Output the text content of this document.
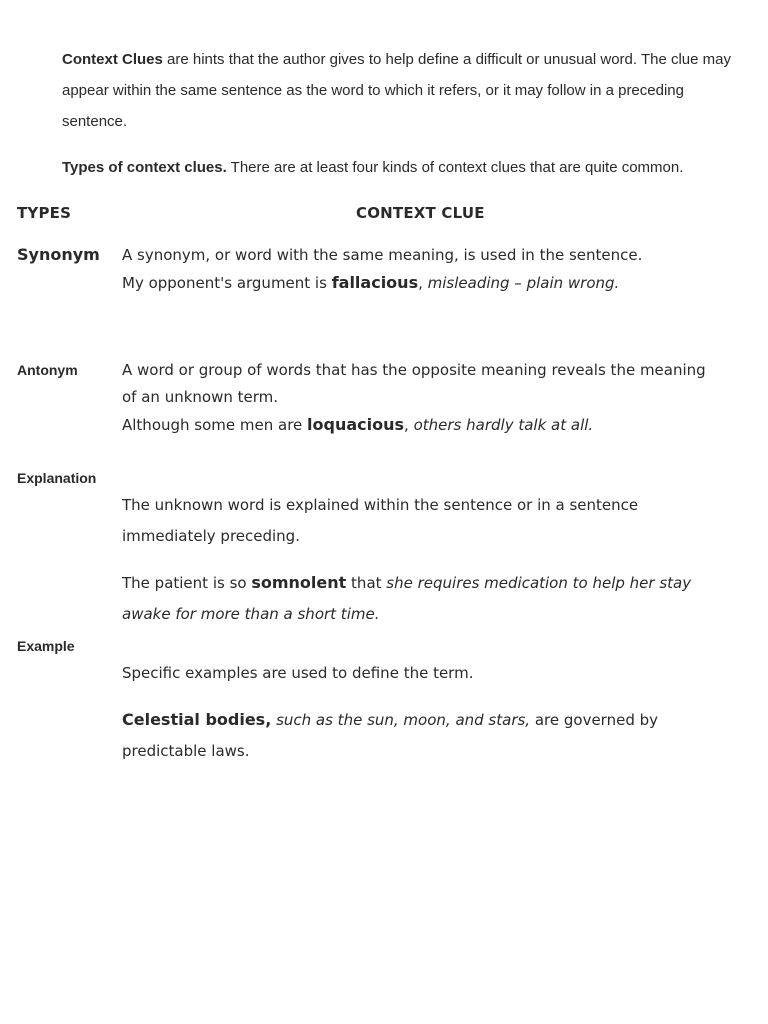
Context Clues are hints that the author gives to help define a difficult or unusual word. The clue may appear within the same sentence as the word to which it refers, or it may follow in a preceding sentence.

Types of context clues. There are at least four kinds of context clues that are quite common.

TYPES	CONTEXT CLUE
Synonym A synonym, or word with the same meaning, is used in the sentence.
My opponent's argument is fallacious, misleading – plain wrong.

Antonym	A word or group of words that has the opposite meaning reveals the meaning of an unknown term.
Although some men are loquacious, others hardly talk at all.

Explanation

The unknown word is explained within the sentence or in a sentence immediately preceding.

The patient is so somnolent that she requires medication to help her stay awake for more than a short time.

Example

Specific examples are used to define the term.

Celestial bodies, such as the sun, moon, and stars, are governed by predictable laws.
